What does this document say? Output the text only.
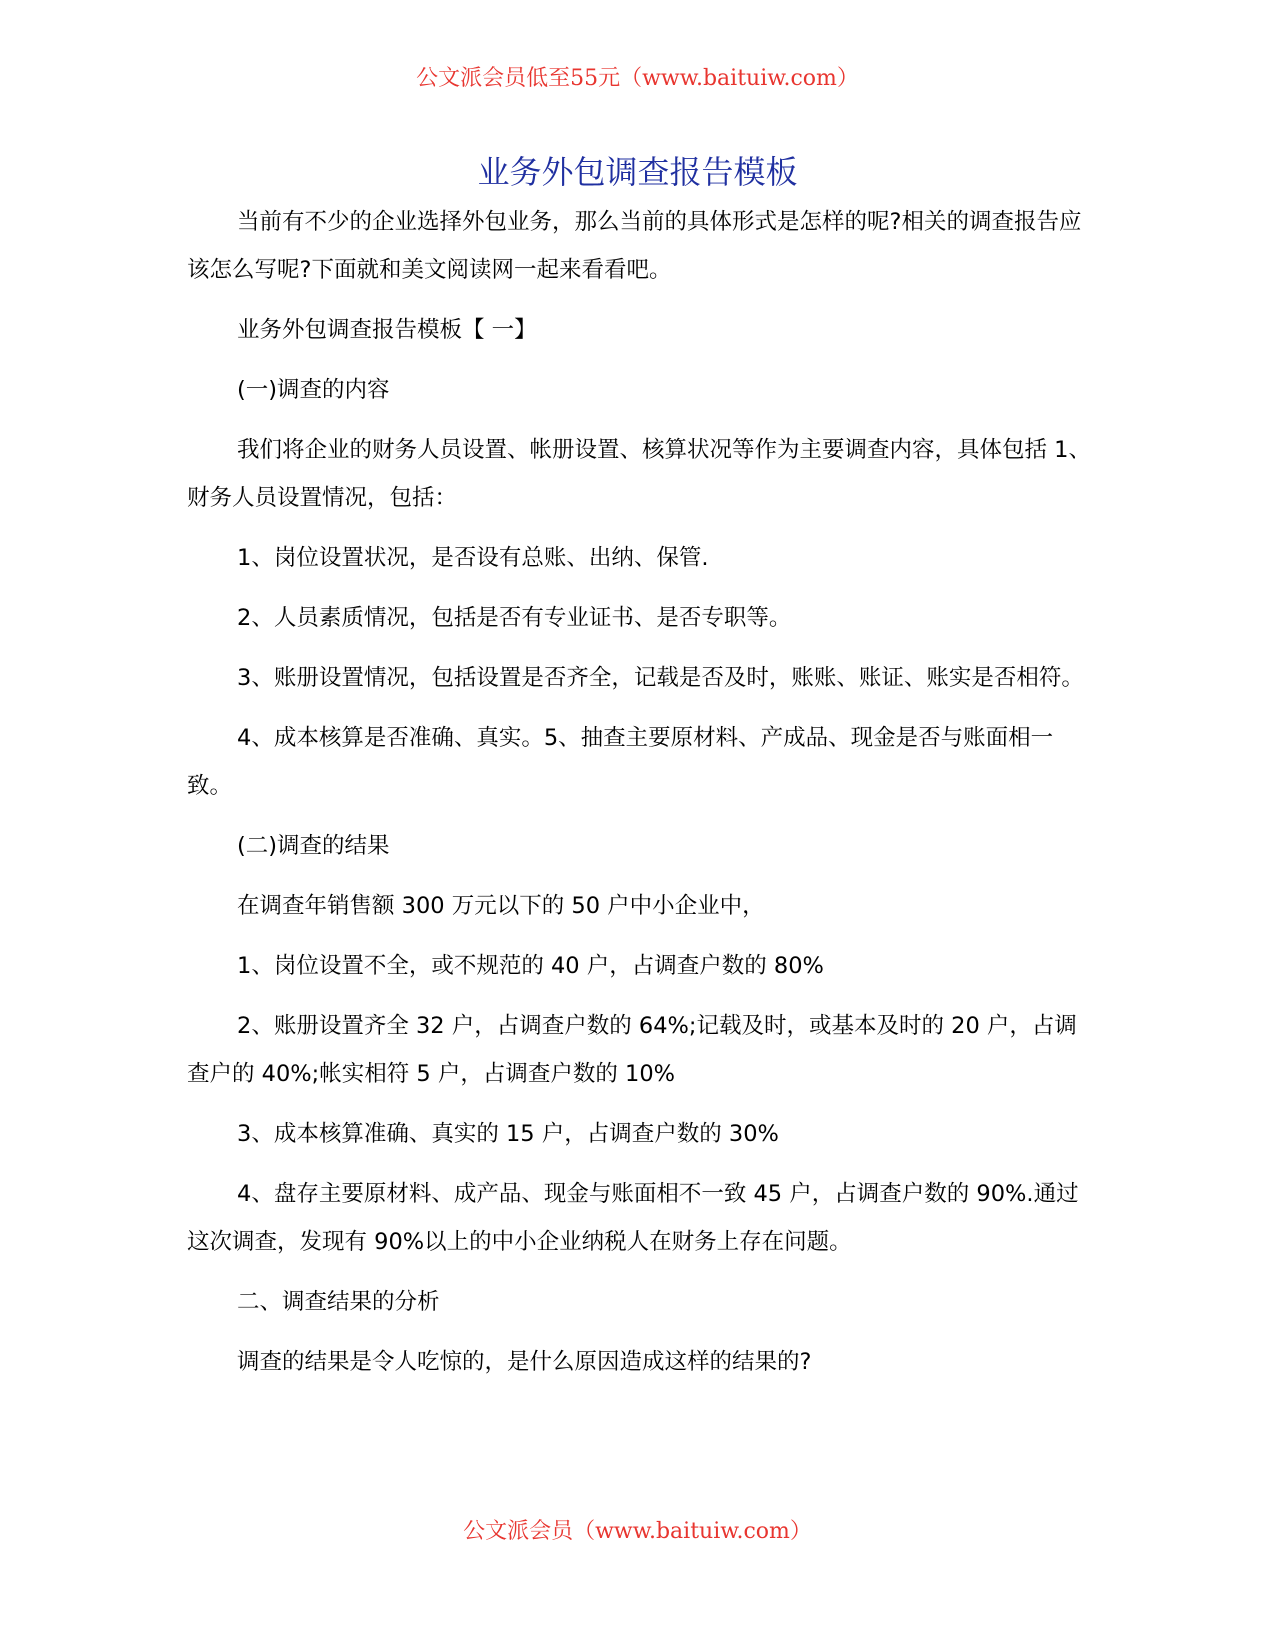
公文派会员低至55元（www.baituiw.com）
业务外包调查报告模板

当前有不少的企业选择外包业务，那么当前的具体形式是怎样的呢?相关的调查报告应该怎么写呢?下面就和美文阅读网一起来看看吧。

业务外包调查报告模板【 一】

(一)调查的内容

我们将企业的财务人员设置、帐册设置、核算状况等作为主要调查内容，具体包括 1、财务人员设置情况，包括：

1、岗位设置状况，是否设有总账、出纳、保管.

2、人员素质情况，包括是否有专业证书、是否专职等。

3、账册设置情况，包括设置是否齐全，记载是否及时，账账、账证、账实是否相符。

4、成本核算是否准确、真实。5、抽查主要原材料、产成品、现金是否与账面相一致。

(二)调查的结果

在调查年销售额 300 万元以下的 50 户中小企业中，

1、岗位设置不全，或不规范的 40 户，占调查户数的 80%

2、账册设置齐全 32 户，占调查户数的 64%;记载及时，或基本及时的 20 户，占调查户的 40%;帐实相符 5 户，占调查户数的 10%

3、成本核算准确、真实的 15 户，占调查户数的 30%

4、盘存主要原材料、成产品、现金与账面相不一致 45 户，占调查户数的 90%.通过这次调查，发现有 90%以上的中小企业纳税人在财务上存在问题。

二、调查结果的分析

调查的结果是令人吃惊的，是什么原因造成这样的结果的?

公文派会员（www.baituiw.com）
